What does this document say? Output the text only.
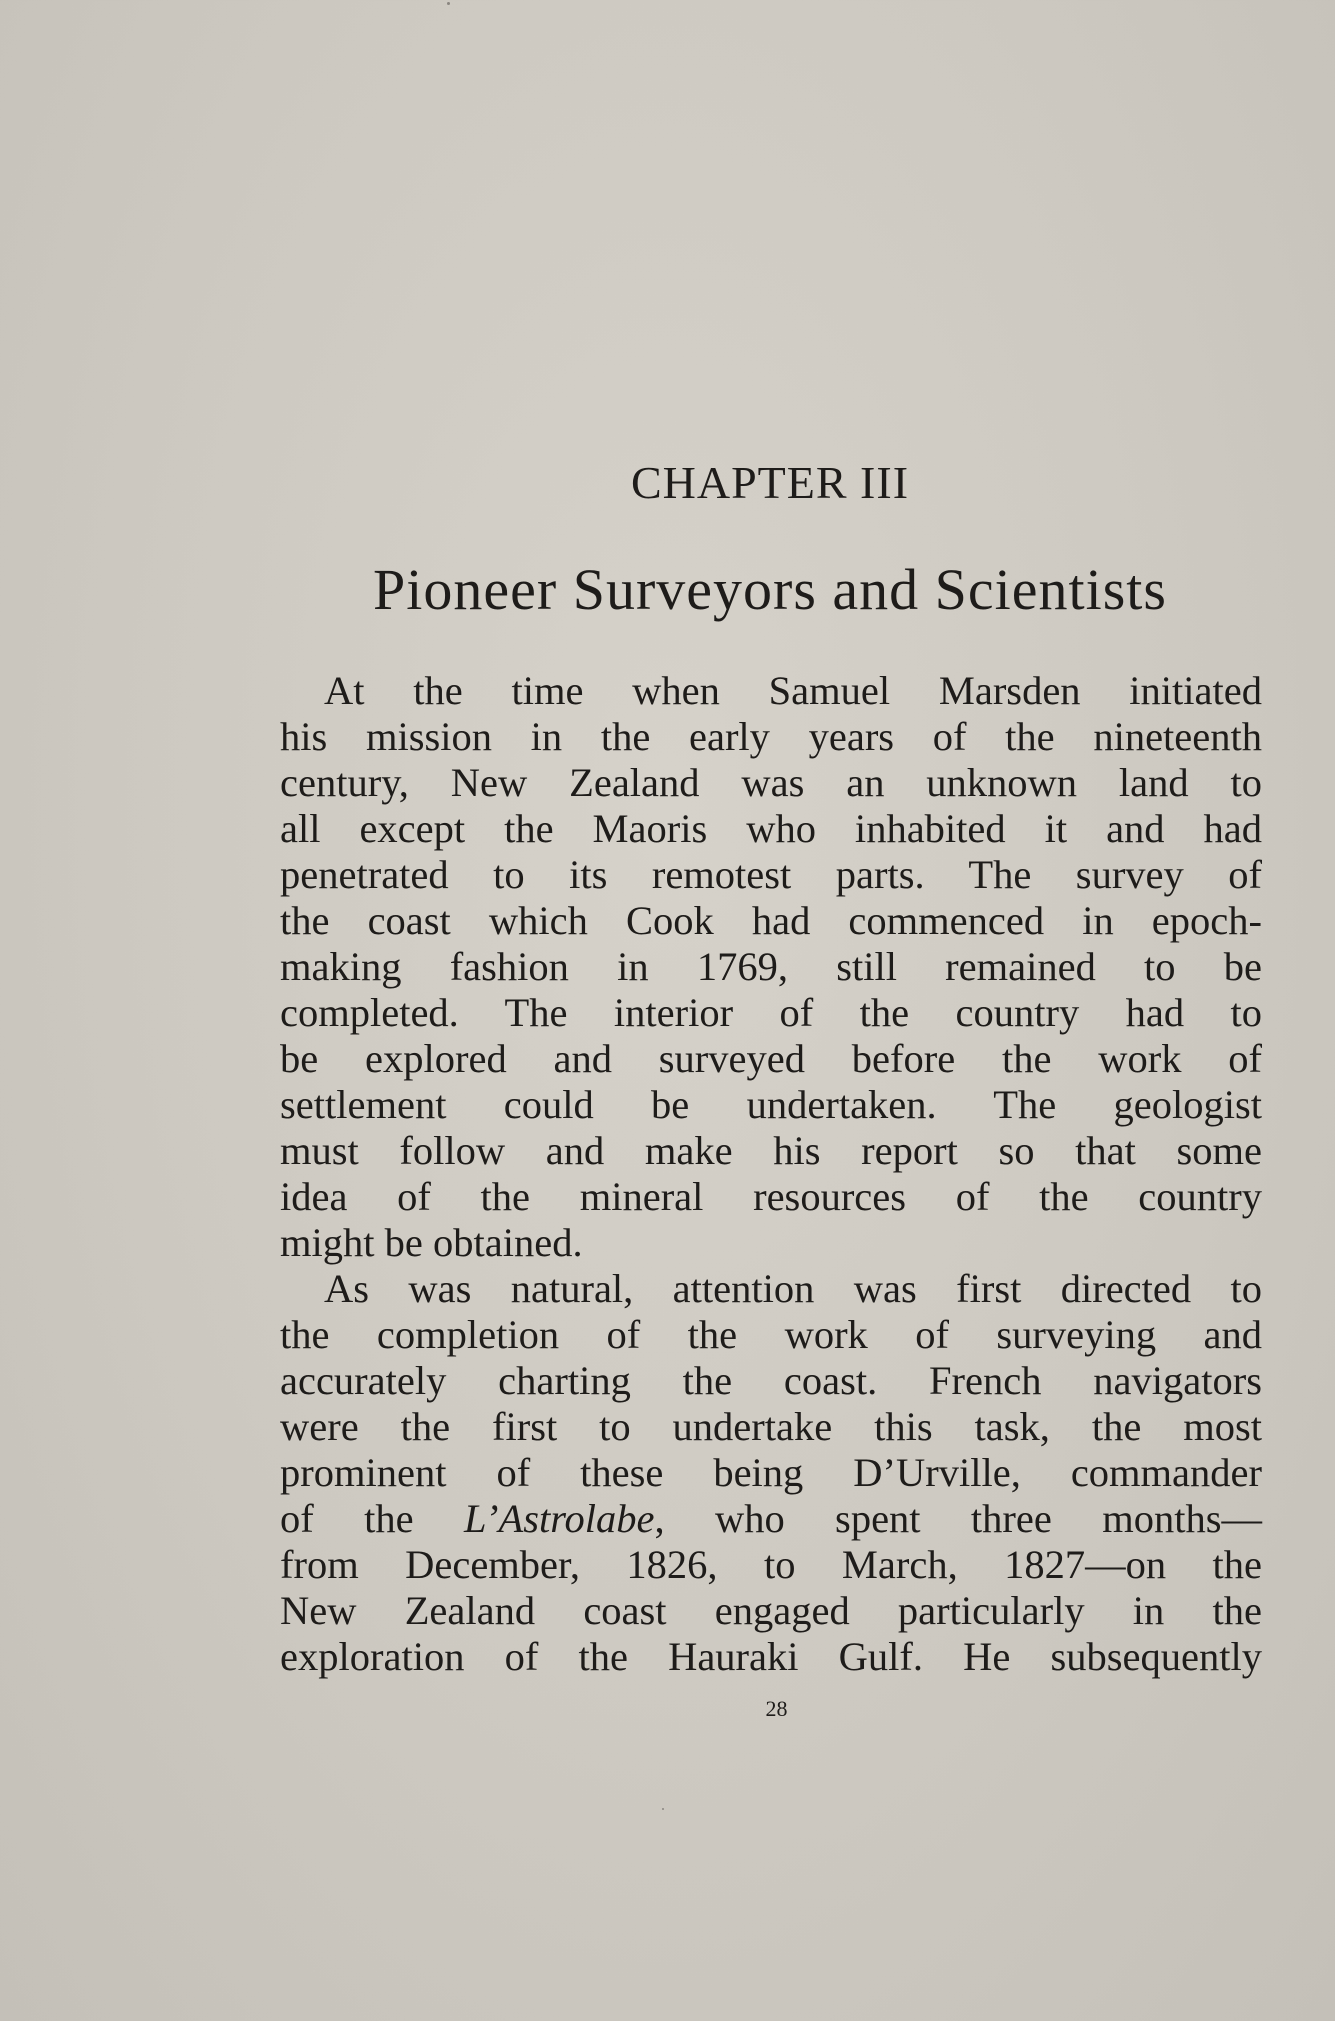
CHAPTER III
Pioneer Surveyors and Scientists
At the time when Samuel Marsden initiated
his mission in the early years of the nineteenth
century, New Zealand was an unknown land to
all except the Maoris who inhabited it and had
penetrated to its remotest parts. The survey of
the coast which Cook had commenced in epoch-
making fashion in 1769, still remained to be
completed. The interior of the country had to
be explored and surveyed before the work of
settlement could be undertaken. The geologist
must follow and make his report so that some
idea of the mineral resources of the country
might be obtained.
As was natural, attention was first directed to
the completion of the work of surveying and
accurately charting the coast. French navigators
were the first to undertake this task, the most
prominent of these being D’Urville, commander
of the L’Astrolabe, who spent three months—
from December, 1826, to March, 1827—on the
New Zealand coast engaged particularly in the
exploration of the Hauraki Gulf. He subsequently
28
